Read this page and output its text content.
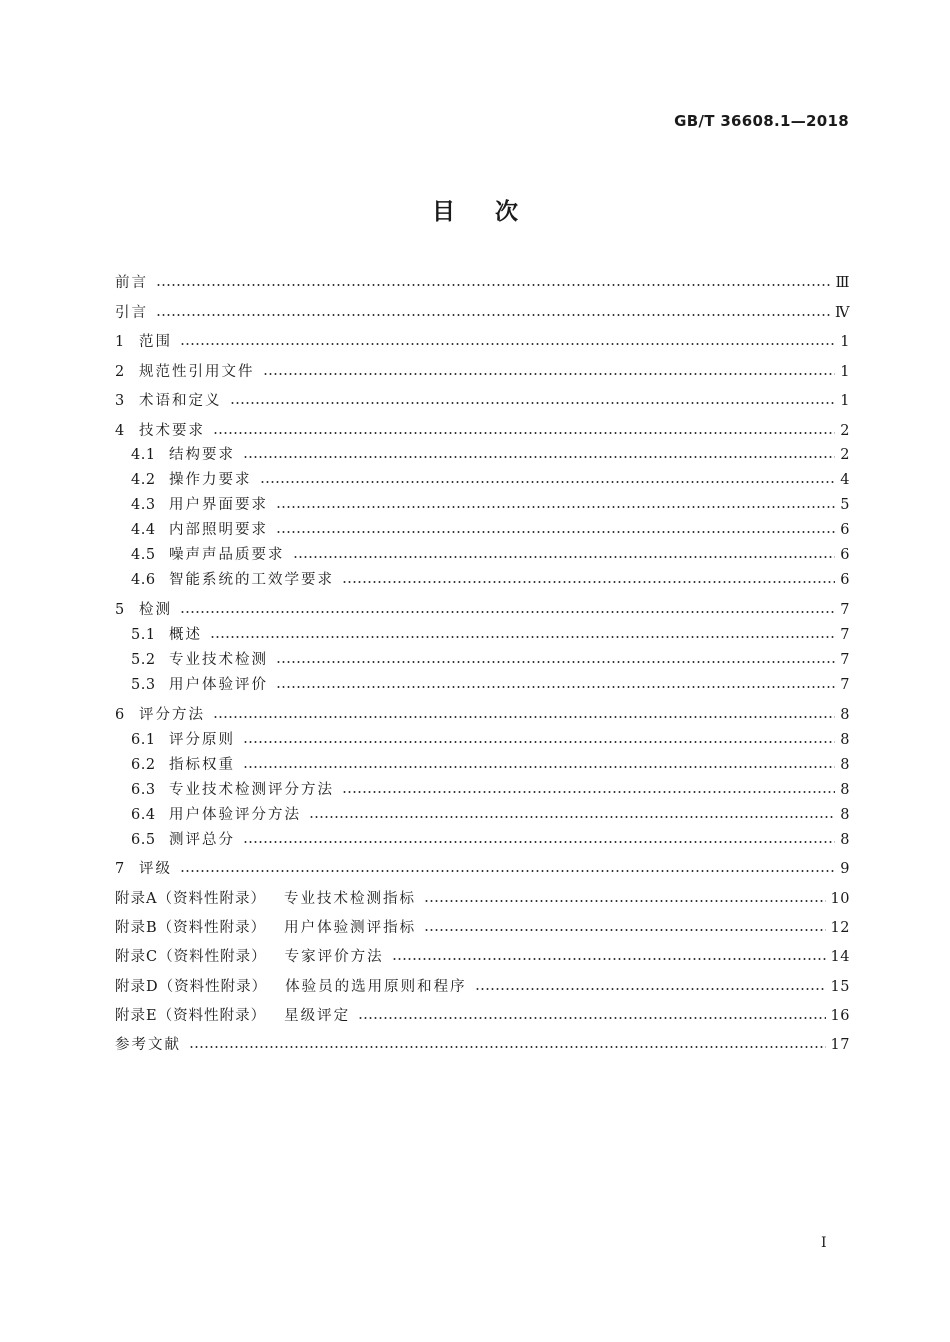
GB/T 36608.1—2018
目次
前言	Ⅲ
引言	Ⅳ
1	范围	1
2	规范性引用文件	1
3	术语和定义	1
4	技术要求	2
4.1 结构要求	2
4.2 操作力要求	4
4.3 用户界面要求	5
4.4 内部照明要求	6
4.5 噪声声品质要求	6
4.6 智能系统的工效学要求	6
5	检测	7
5.1 概述	7
5.2 专业技术检测	7
5.3 用户体验评价	7
6	评分方法	8
6.1 评分原则	8
6.2 指标权重	8
6.3 专业技术检测评分方法	8
6.4 用户体验评分方法	8
6.5 测评总分	8
7	评级	9
附录A（资料性附录） 专业技术检测指标	10
附录B（资料性附录） 用户体验测评指标	12
附录C（资料性附录） 专家评价方法	14
附录D（资料性附录） 体验员的选用原则和程序	15
附录E（资料性附录） 星级评定	16
参考文献	17
I
